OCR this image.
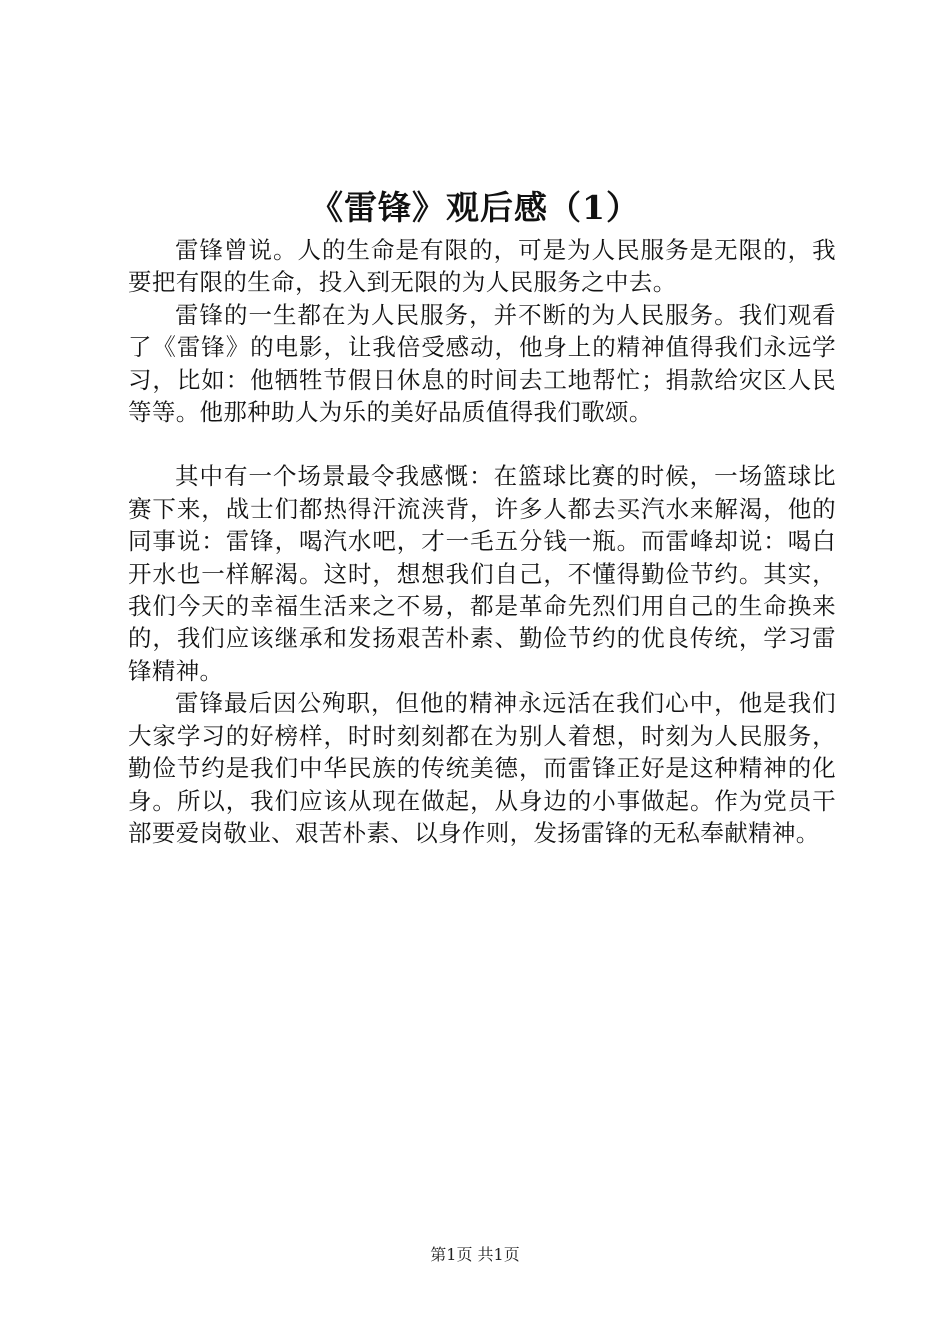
《雷锋》观后感（1）

雷锋曾说。人的生命是有限的，可是为人民服务是无限的，我要把有限的生命，投入到无限的为人民服务之中去。

雷锋的一生都在为人民服务，并不断的为人民服务。我们观看了《雷锋》的电影，让我倍受感动，他身上的精神值得我们永远学习，比如：他牺牲节假日休息的时间去工地帮忙；捐款给灾区人民等等。他那种助人为乐的美好品质值得我们歌颂。

其中有一个场景最令我感慨：在篮球比赛的时候，一场篮球比赛下来，战士们都热得汗流浃背，许多人都去买汽水来解渴，他的同事说：雷锋，喝汽水吧，才一毛五分钱一瓶。而雷峰却说：喝白开水也一样解渴。这时，想想我们自己，不懂得勤俭节约。其实，我们今天的幸福生活来之不易，都是革命先烈们用自己的生命换来的，我们应该继承和发扬艰苦朴素、勤俭节约的优良传统，学习雷锋精神。

雷锋最后因公殉职，但他的精神永远活在我们心中，他是我们大家学习的好榜样，时时刻刻都在为别人着想，时刻为人民服务，勤俭节约是我们中华民族的传统美德，而雷锋正好是这种精神的化身。所以，我们应该从现在做起，从身边的小事做起。作为党员干部要爱岗敬业、艰苦朴素、以身作则，发扬雷锋的无私奉献精神。

第1页 共1页
